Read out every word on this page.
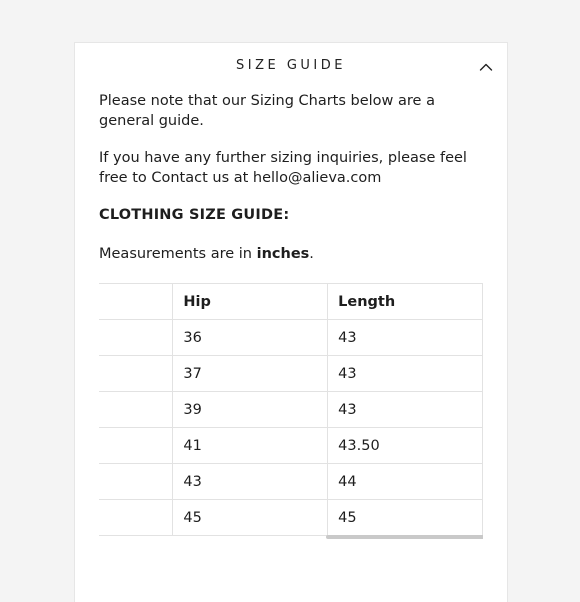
SIZE GUIDE

Please note that our Sizing Charts below are a general guide.

If you have any further sizing inquiries, please feel free to Contact us at hello@alieva.com

CLOTHING SIZE GUIDE:

Measurements are in inches.

	Hip	Length
	36	43
	37	43
	39	43
	41	43.50
	43	44
	45	45
